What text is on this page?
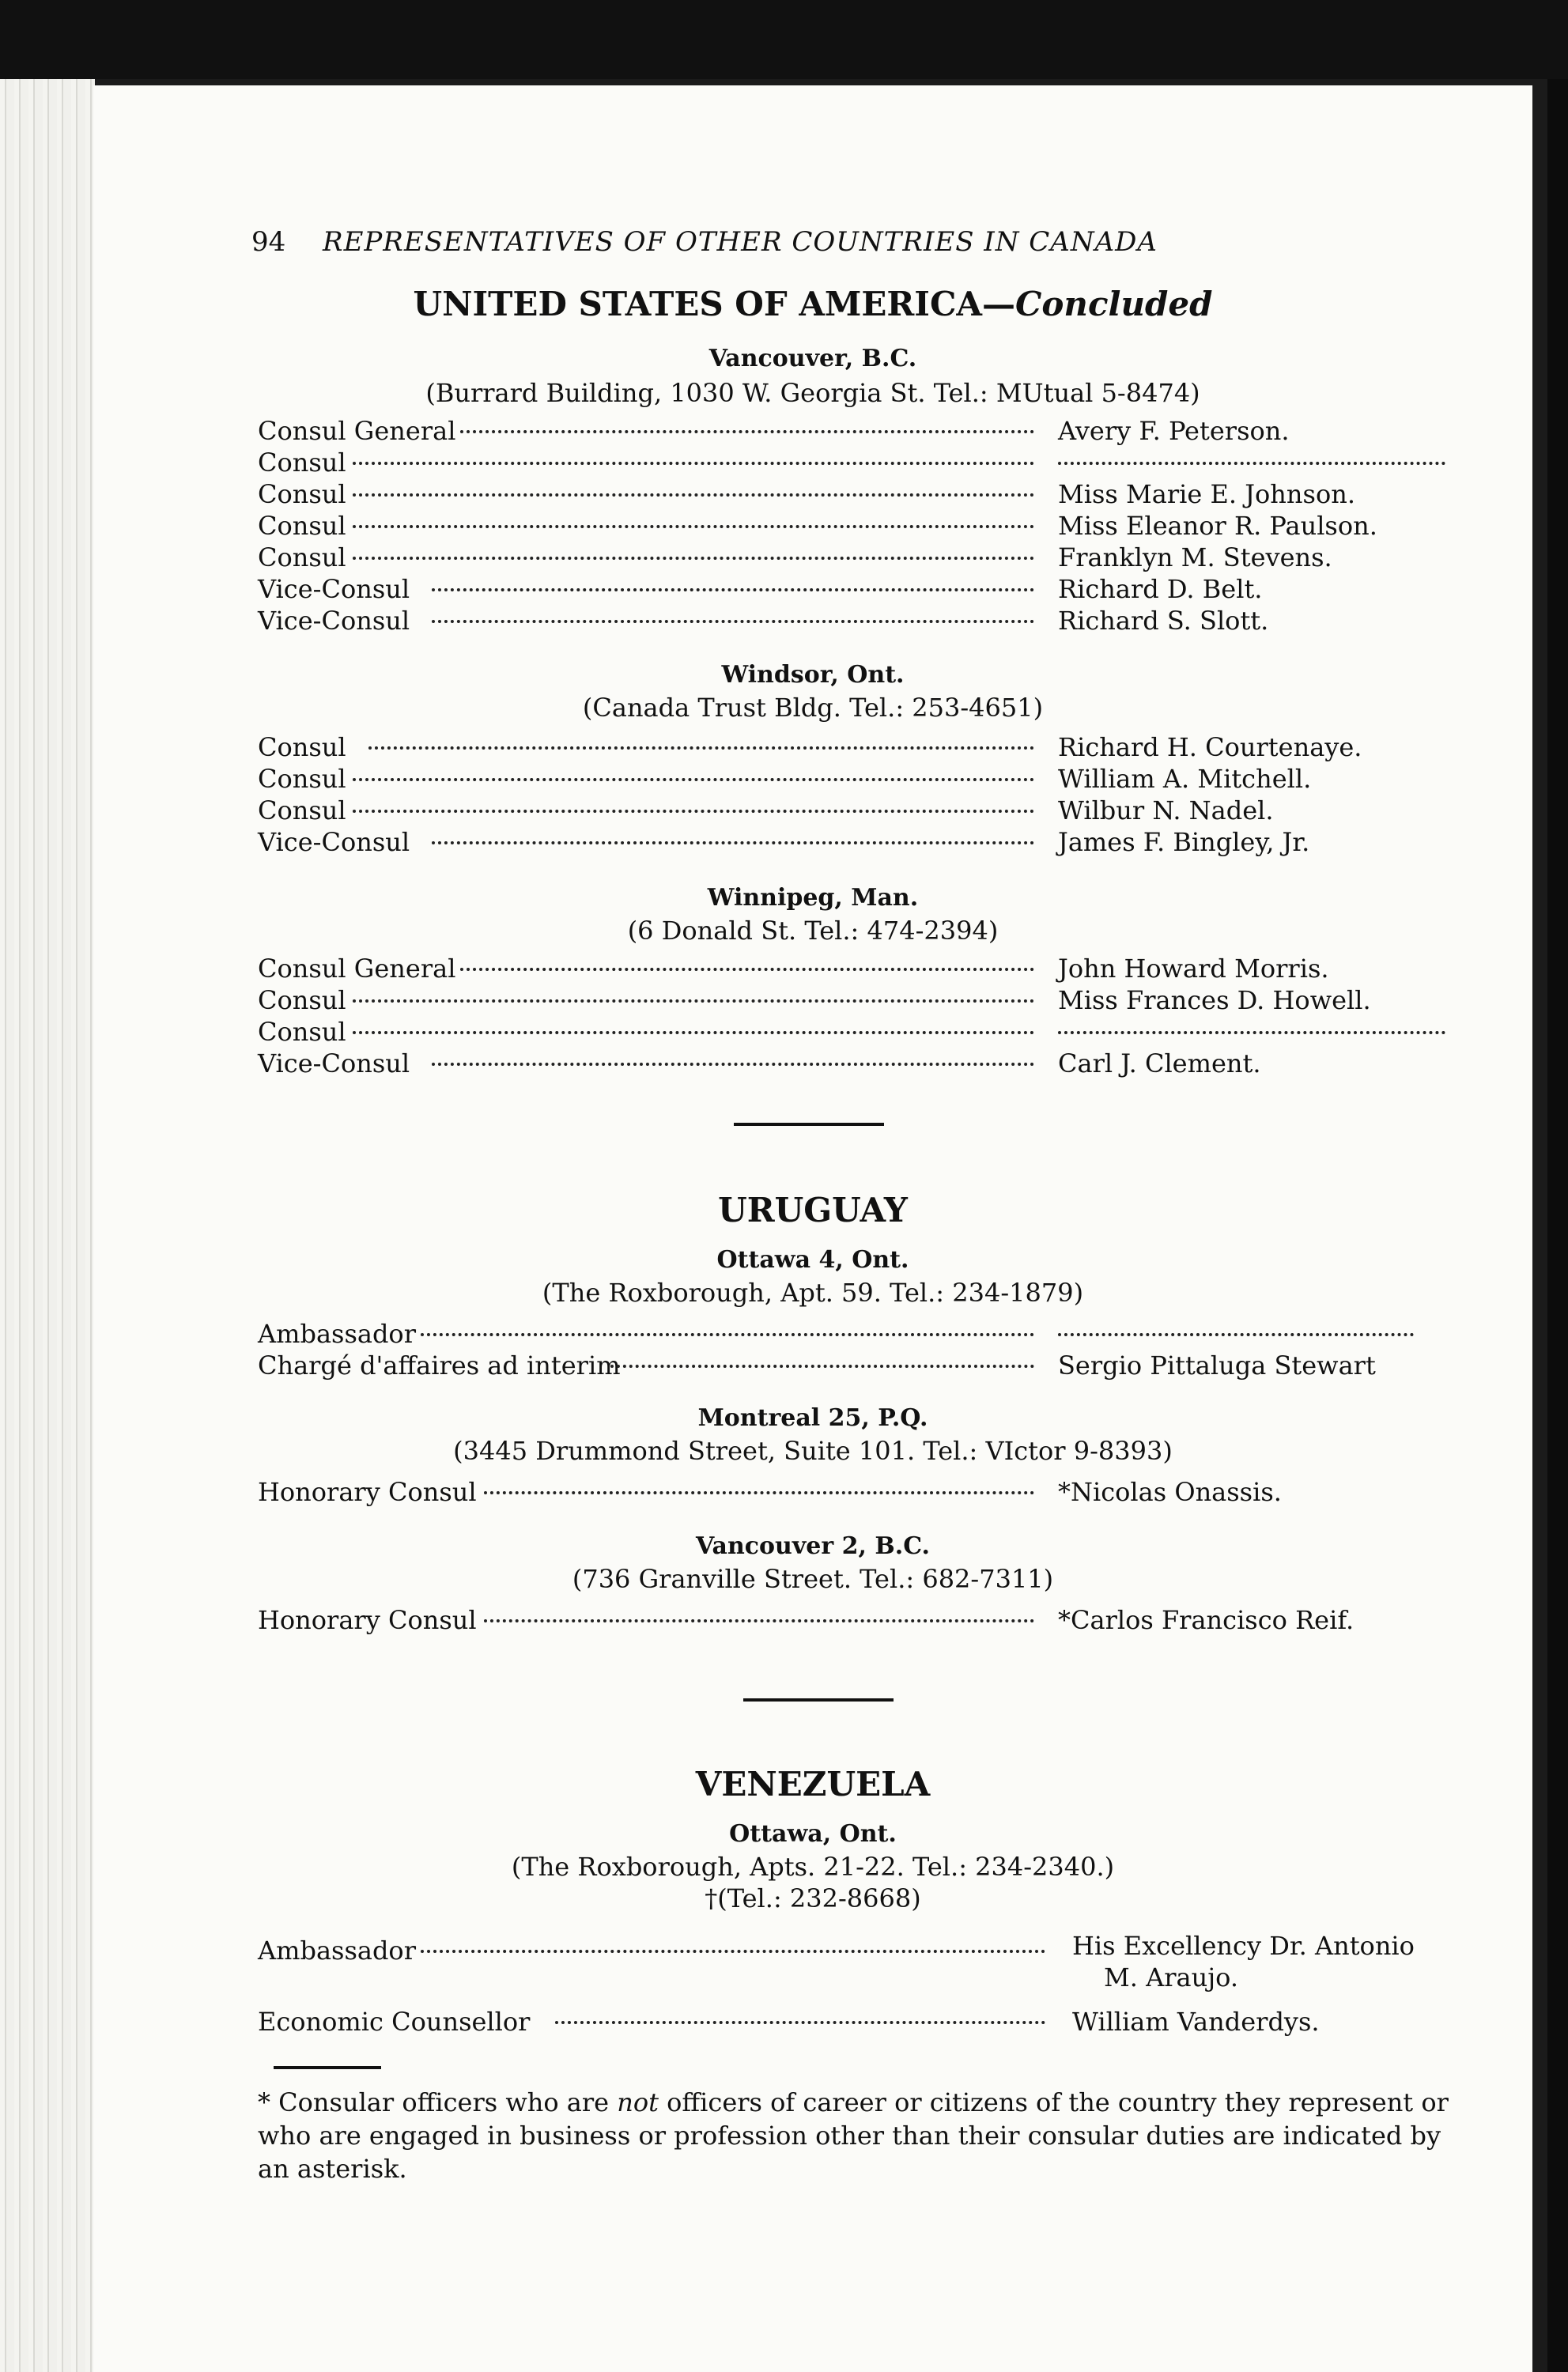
94 REPRESENTATIVES OF OTHER COUNTRIES IN CANADA
UNITED STATES OF AMERICA—Concluded
Vancouver, B.C.
(Burrard Building, 1030 W. Georgia St. Tel.: MUtual 5-8474)
Consul General	Avery F. Peterson.
Consul
Consul	Miss Marie E. Johnson.
Consul	Miss Eleanor R. Paulson.
Consul	Franklyn M. Stevens.
Vice-Consul	Richard D. Belt.
Vice-Consul	Richard S. Slott.
Windsor, Ont.
(Canada Trust Bldg. Tel.: 253-4651)
Consul	Richard H. Courtenaye.
Consul	William A. Mitchell.
Consul	Wilbur N. Nadel.
Vice-Consul	James F. Bingley, Jr.
Winnipeg, Man.
(6 Donald St. Tel.: 474-2394)
Consul General	John Howard Morris.
Consul	Miss Frances D. Howell.
Consul
Vice-Consul	Carl J. Clement.
URUGUAY
Ottawa 4, Ont.
(The Roxborough, Apt. 59. Tel.: 234-1879)
Ambassador
Chargé d'affaires ad interim	Sergio Pittaluga Stewart
Montreal 25, P.Q.
(3445 Drummond Street, Suite 101. Tel.: VIctor 9-8393)
Honorary Consul	*Nicolas Onassis.
Vancouver 2, B.C.
(736 Granville Street. Tel.: 682-7311)
Honorary Consul	*Carlos Francisco Reif.
VENEZUELA
Ottawa, Ont.
(The Roxborough, Apts. 21-22. Tel.: 234-2340.)
†(Tel.: 232-8668)
Ambassador	His Excellency Dr. Antonio
M. Araujo.
Economic Counsellor	William Vanderdys.
* Consular officers who are not officers of career or citizens of the country they represent or who are engaged in business or profession other than their consular duties are indicated by an asterisk.
